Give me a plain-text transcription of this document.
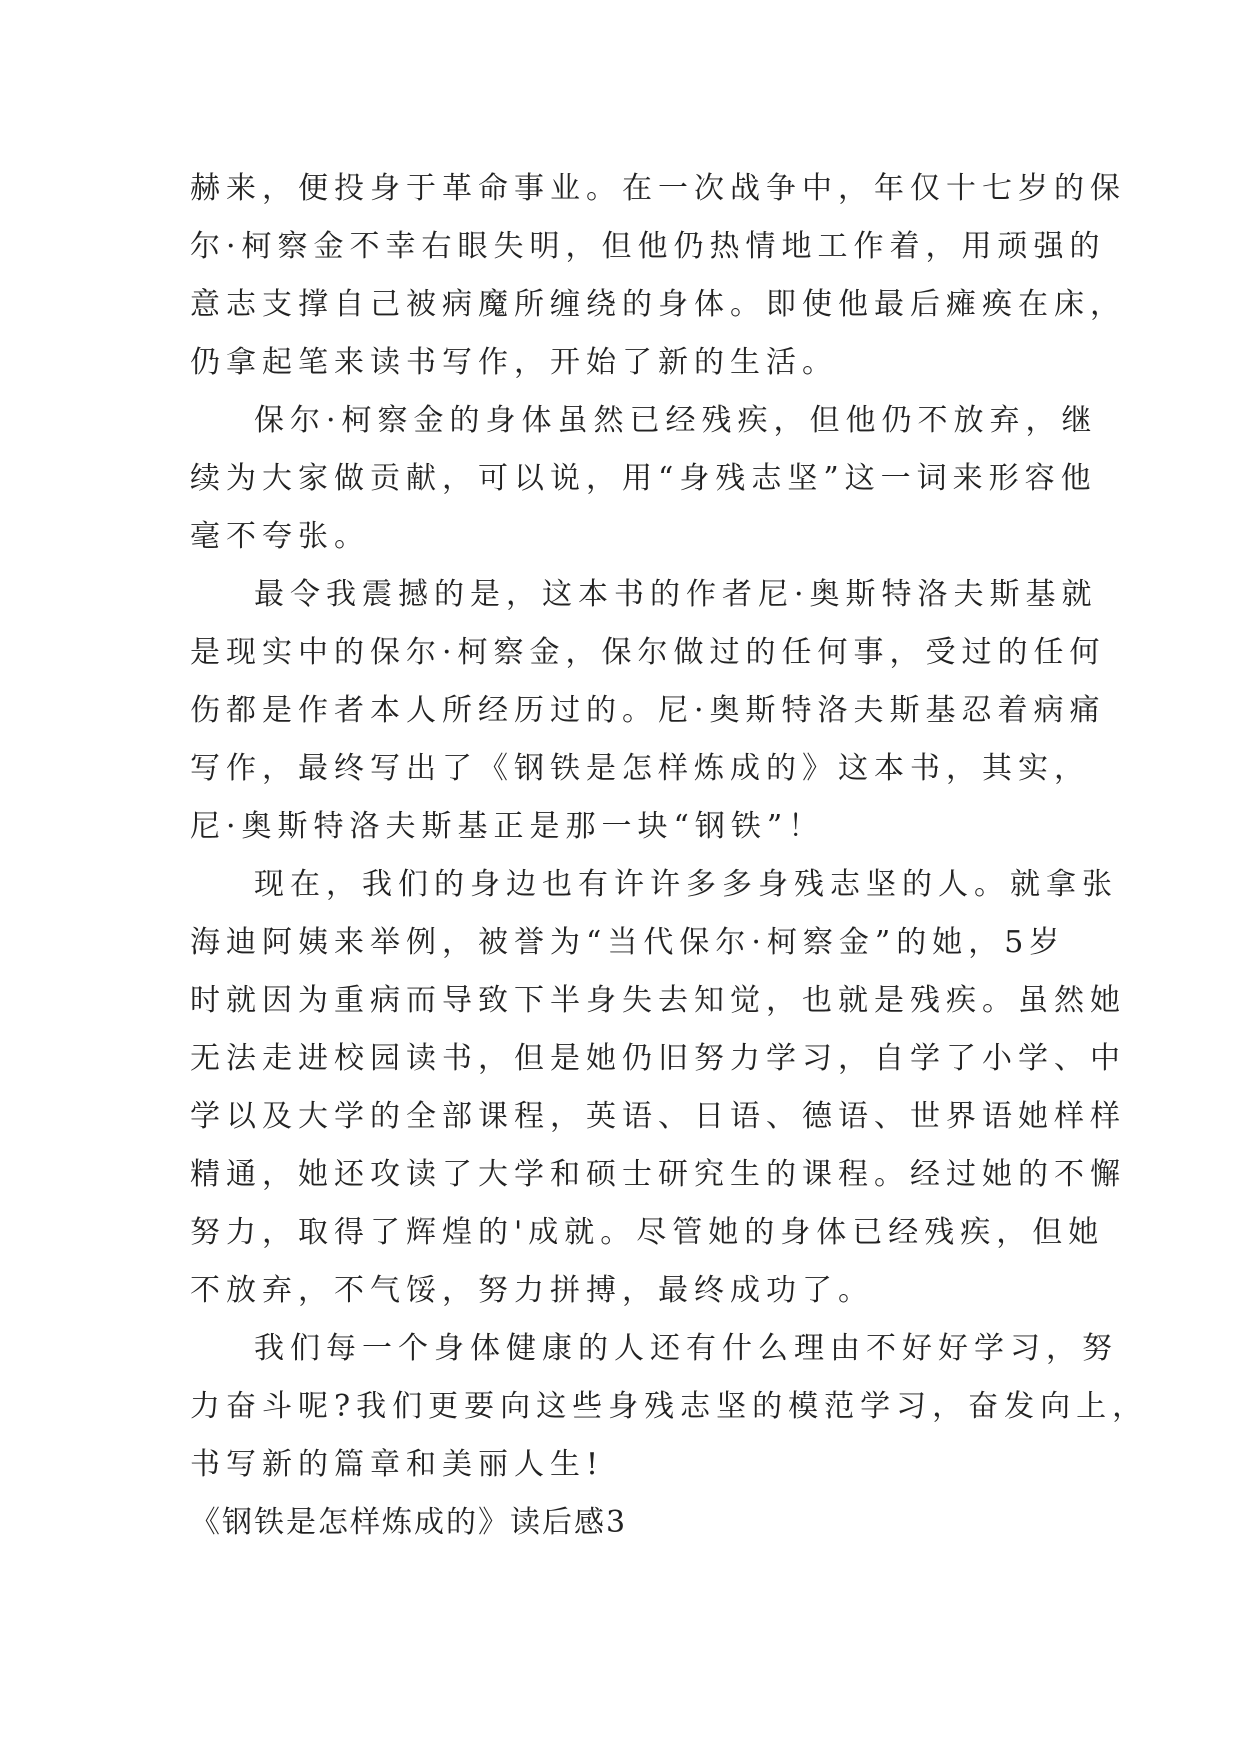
赫来，便投身于革命事业。在一次战争中，年仅十七岁的保
尔·柯察金不幸右眼失明，但他仍热情地工作着，用顽强的
意志支撑自己被病魔所缠绕的身体。即使他最后瘫痪在床，
仍拿起笔来读书写作，开始了新的生活。
保尔·柯察金的身体虽然已经残疾，但他仍不放弃，继
续为大家做贡献，可以说，用“身残志坚”这一词来形容他
毫不夸张。
最令我震撼的是，这本书的作者尼·奥斯特洛夫斯基就
是现实中的保尔·柯察金，保尔做过的任何事，受过的任何
伤都是作者本人所经历过的。尼·奥斯特洛夫斯基忍着病痛
写作，最终写出了《钢铁是怎样炼成的》这本书，其实，
尼·奥斯特洛夫斯基正是那一块“钢铁”！
现在，我们的身边也有许许多多身残志坚的人。就拿张
海迪阿姨来举例，被誉为“当代保尔·柯察金”的她，5岁
时就因为重病而导致下半身失去知觉，也就是残疾。虽然她
无法走进校园读书，但是她仍旧努力学习，自学了小学、中
学以及大学的全部课程，英语、日语、德语、世界语她样样
精通，她还攻读了大学和硕士研究生的课程。经过她的不懈
努力，取得了辉煌的'成就。尽管她的身体已经残疾，但她
不放弃，不气馁，努力拼搏，最终成功了。
我们每一个身体健康的人还有什么理由不好好学习，努
力奋斗呢?我们更要向这些身残志坚的模范学习，奋发向上，
书写新的篇章和美丽人生!
《钢铁是怎样炼成的》读后感3
